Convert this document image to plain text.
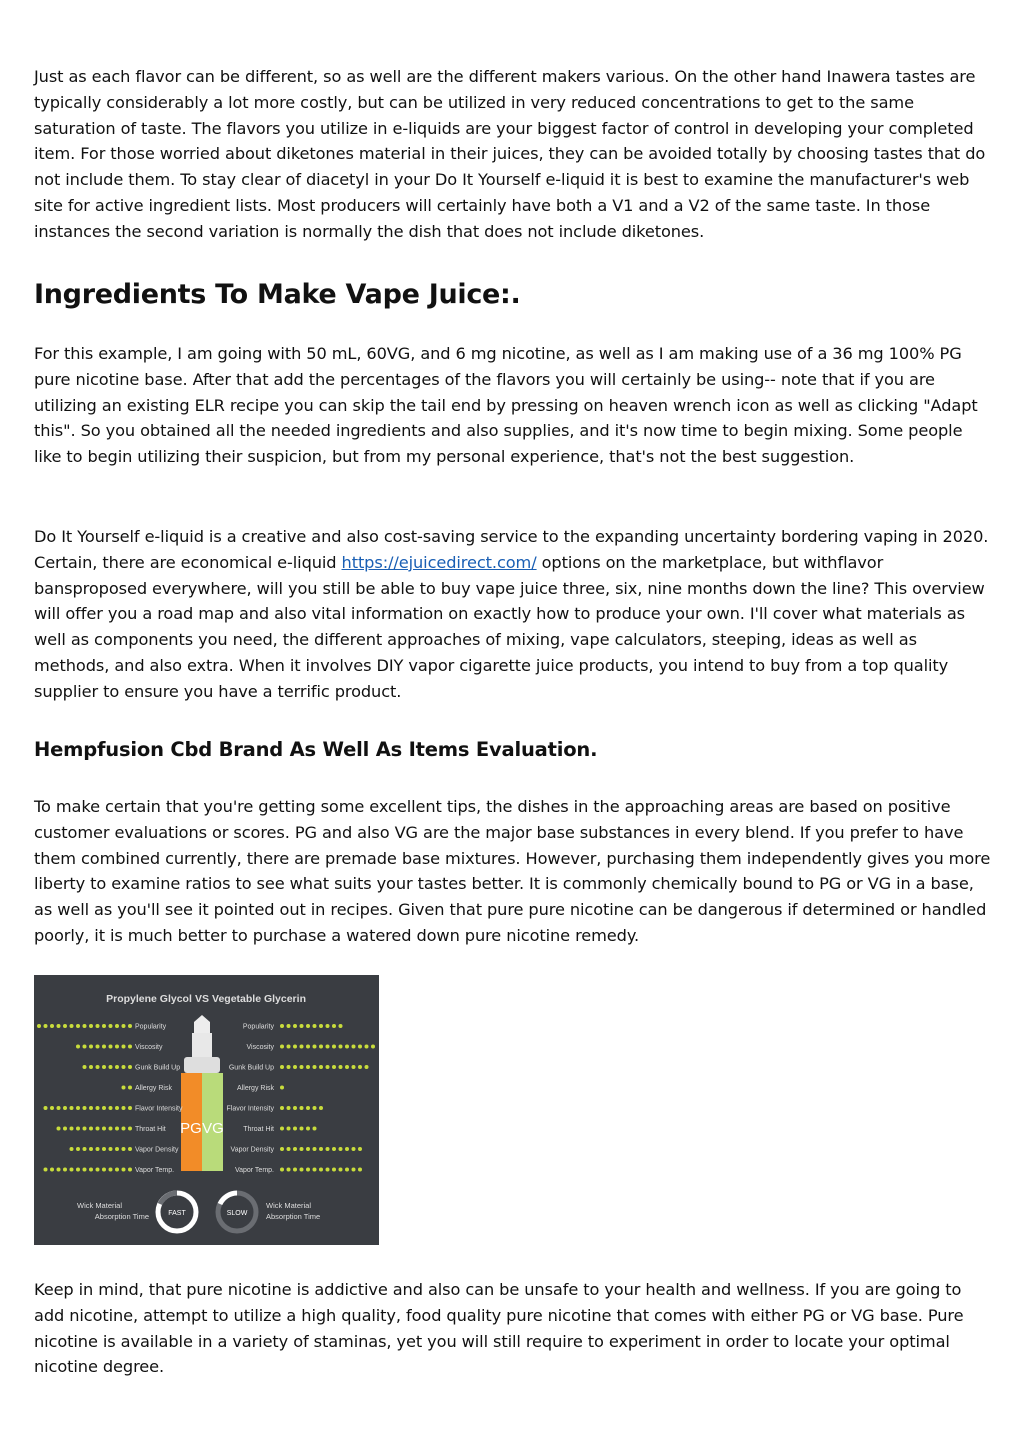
Just as each flavor can be different, so as well are the different makers various. On the other hand Inawera tastes are typically considerably a lot more costly, but can be utilized in very reduced concentrations to get to the same saturation of taste. The flavors you utilize in e-liquids are your biggest factor of control in developing your completed item. For those worried about diketones material in their juices, they can be avoided totally by choosing tastes that do not include them. To stay clear of diacetyl in your Do It Yourself e-liquid it is best to examine the manufacturer's web site for active ingredient lists. Most producers will certainly have both a V1 and a V2 of the same taste. In those instances the second variation is normally the dish that does not include diketones.

Ingredients To Make Vape Juice:.

For this example, I am going with 50 mL, 60VG, and 6 mg nicotine, as well as I am making use of a 36 mg 100% PG pure nicotine base. After that add the percentages of the flavors you will certainly be using-- note that if you are utilizing an existing ELR recipe you can skip the tail end by pressing on heaven wrench icon as well as clicking "Adapt this". So you obtained all the needed ingredients and also supplies, and it's now time to begin mixing. Some people like to begin utilizing their suspicion, but from my personal experience, that's not the best suggestion.

Do It Yourself e-liquid is a creative and also cost-saving service to the expanding uncertainty bordering vaping in 2020. Certain, there are economical e-liquid https://ejuicedirect.com/ options on the marketplace, but withflavor bansproposed everywhere, will you still be able to buy vape juice three, six, nine months down the line? This overview will offer you a road map and also vital information on exactly how to produce your own. I'll cover what materials as well as components you need, the different approaches of mixing, vape calculators, steeping, ideas as well as methods, and also extra. When it involves DIY vapor cigarette juice products, you intend to buy from a top quality supplier to ensure you have a terrific product.

Hempfusion Cbd Brand As Well As Items Evaluation.

To make certain that you're getting some excellent tips, the dishes in the approaching areas are based on positive customer evaluations or scores. PG and also VG are the major base substances in every blend. If you prefer to have them combined currently, there are premade base mixtures. However, purchasing them independently gives you more liberty to examine ratios to see what suits your tastes better. It is commonly chemically bound to PG or VG in a base, as well as you'll see it pointed out in recipes. Given that pure pure nicotine can be dangerous if determined or handled poorly, it is much better to purchase a watered down pure nicotine remedy.

Propylene Glycol VS Vegetable Glycerin
PG VG
Popularity	Popularity
Viscosity	Viscosity
Gunk Build Up	Gunk Build Up
Allergy Risk	Allergy Risk
Flavor Intensity	Flavor Intensity
Throat Hit	Throat Hit
Vapor Density	Vapor Density
Vapor Temp.	Vapor Temp.
Wick Material
Absorption Time	FAST	SLOW
Wick Material
Absorption Time

Keep in mind, that pure nicotine is addictive and also can be unsafe to your health and wellness. If you are going to add nicotine, attempt to utilize a high quality, food quality pure nicotine that comes with either PG or VG base. Pure nicotine is available in a variety of staminas, yet you will still require to experiment in order to locate your optimal nicotine degree.
